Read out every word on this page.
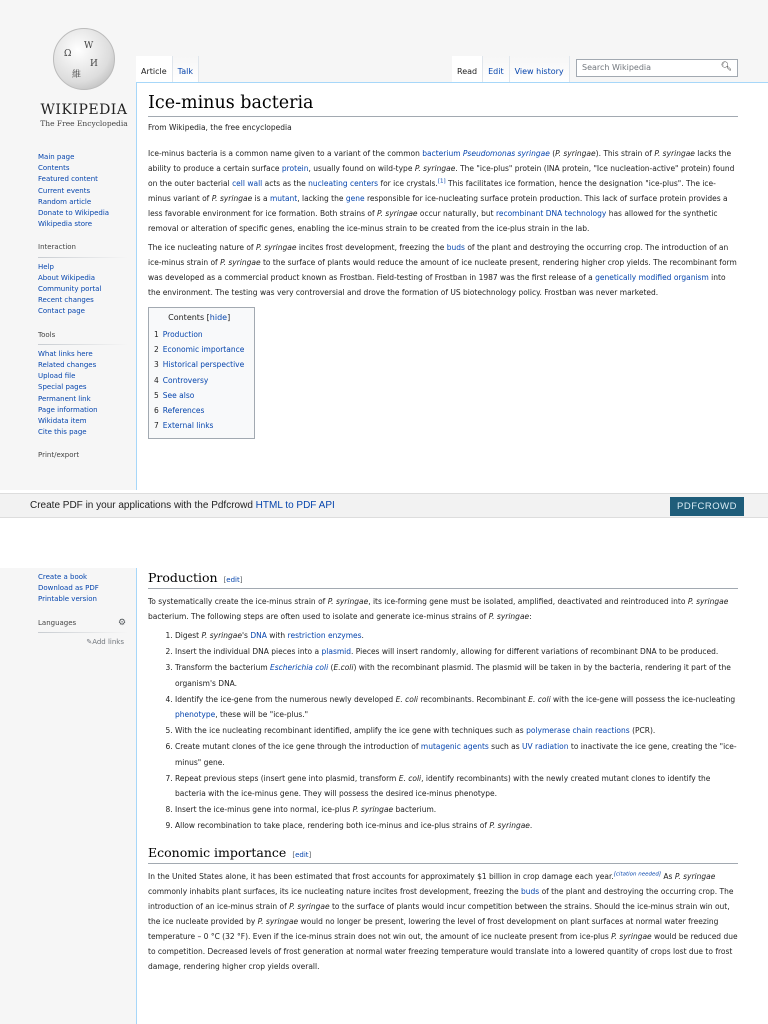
Ω
W
И
維
WIKIPEDIA
The Free Encyclopedia
Main page
Contents
Featured content
Current events
Random article
Donate to Wikipedia
Wikipedia store
Interaction
Help
About Wikipedia
Community portal
Recent changes
Contact page
Tools
What links here
Related changes
Upload file
Special pages
Permanent link
Page information
Wikidata item
Cite this page
Print/export
Article	Talk	Read	Edit	View history	Search Wikipedia	🔍︎
Ice-minus bacteria
From Wikipedia, the free encyclopedia

Ice-minus bacteria is a common name given to a variant of the common bacterium Pseudomonas syringae (P. syringae). This strain of P. syringae lacks the ability to produce a certain surface protein, usually found on wild-type P. syringae. The "ice-plus" protein (INA protein, "Ice nucleation-active" protein) found on the outer bacterial cell wall acts as the nucleating centers for ice crystals.[1] This facilitates ice formation, hence the designation "ice-plus". The ice-minus variant of P. syringae is a mutant, lacking the gene responsible for ice-nucleating surface protein production. This lack of surface protein provides a less favorable environment for ice formation. Both strains of P. syringae occur naturally, but recombinant DNA technology has allowed for the synthetic removal or alteration of specific genes, enabling the ice-minus strain to be created from the ice-plus strain in the lab.

The ice nucleating nature of P. syringae incites frost development, freezing the buds of the plant and destroying the occurring crop. The introduction of an ice-minus strain of P. syringae to the surface of plants would reduce the amount of ice nucleate present, rendering higher crop yields. The recombinant form was developed as a commercial product known as Frostban. Field-testing of Frostban in 1987 was the first release of a genetically modified organism into the environment. The testing was very controversial and drove the formation of US biotechnology policy. Frostban was never marketed.

Contents [hide]
1 Production
2 Economic importance
3 Historical perspective
4 Controversy
5 See also
6 References
7 External links
Create PDF in your applications with the Pdfcrowd HTML to PDF API	PDFCROWD
Create a book
Download as PDF
Printable version
Languages	⚙
✎Add links
Production [edit]

To systematically create the ice-minus strain of P. syringae, its ice-forming gene must be isolated, amplified, deactivated and reintroduced into P. syringae bacterium. The following steps are often used to isolate and generate ice-minus strains of P. syringae:

1. Digest P. syringae's DNA with restriction enzymes.
2. Insert the individual DNA pieces into a plasmid. Pieces will insert randomly, allowing for different variations of recombinant DNA to be produced.
3. Transform the bacterium Escherichia coli (E.coli) with the recombinant plasmid. The plasmid will be taken in by the bacteria, rendering it part of the organism's DNA.
4. Identify the ice-gene from the numerous newly developed E. coli recombinants. Recombinant E. coli with the ice-gene will possess the ice-nucleating phenotype, these will be "ice-plus."
5. With the ice nucleating recombinant identified, amplify the ice gene with techniques such as polymerase chain reactions (PCR).
6. Create mutant clones of the ice gene through the introduction of mutagenic agents such as UV radiation to inactivate the ice gene, creating the "ice-minus" gene.
7. Repeat previous steps (insert gene into plasmid, transform E. coli, identify recombinants) with the newly created mutant clones to identify the bacteria with the ice-minus gene. They will possess the desired ice-minus phenotype.
8. Insert the ice-minus gene into normal, ice-plus P. syringae bacterium.
9. Allow recombination to take place, rendering both ice-minus and ice-plus strains of P. syringae.
Economic importance [edit]

In the United States alone, it has been estimated that frost accounts for approximately $1 billion in crop damage each year.[citation needed] As P. syringae commonly inhabits plant surfaces, its ice nucleating nature incites frost development, freezing the buds of the plant and destroying the occurring crop. The introduction of an ice-minus strain of P. syringae to the surface of plants would incur competition between the strains. Should the ice-minus strain win out, the ice nucleate provided by P. syringae would no longer be present, lowering the level of frost development on plant surfaces at normal water freezing temperature – 0 °C (32 °F). Even if the ice-minus strain does not win out, the amount of ice nucleate present from ice-plus P. syringae would be reduced due to competition. Decreased levels of frost generation at normal water freezing temperature would translate into a lowered quantity of crops lost due to frost damage, rendering higher crop yields overall.
